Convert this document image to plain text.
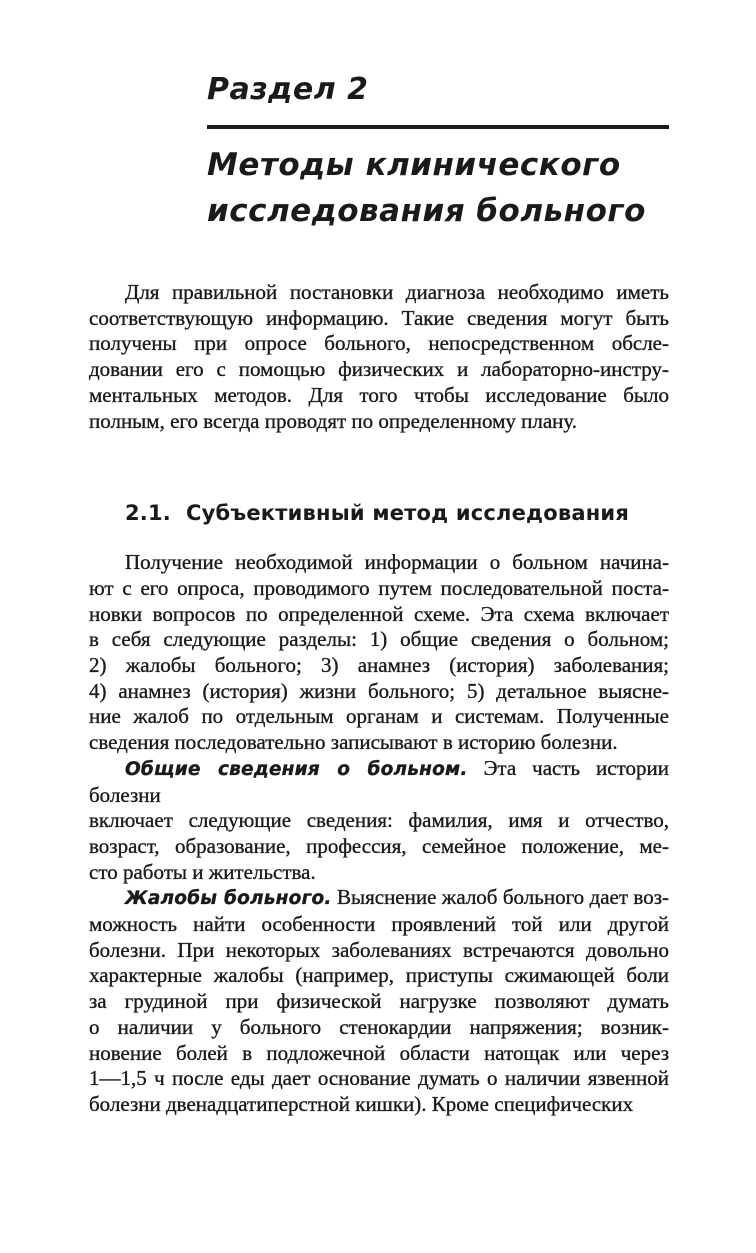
Раздел 2
Методы клинического
исследования больного
Для правильной постановки диагноза необходимо иметь
соответствующую информацию. Такие сведения могут быть
получены при опросе больного, непосредственном обсле-
довании его с помощью физических и лабораторно-инстру-
ментальных методов. Для того чтобы исследование было
полным, его всегда проводят по определенному плану.
2.1.  Субъективный метод исследования
Получение необходимой информации о больном начина-
ют с его опроса, проводимого путем последовательной поста-
новки вопросов по определенной схеме. Эта схема включает
в себя следующие разделы: 1) общие сведения о больном;
2) жалобы больного; 3) анамнез (история) заболевания;
4) анамнез (история) жизни больного; 5) детальное выясне-
ние жалоб по отдельным органам и системам. Полученные
сведения последовательно записывают в историю болезни.
Общие сведения о больном. Эта часть истории болезни
включает следующие сведения: фамилия, имя и отчество,
возраст, образование, профессия, семейное положение, ме-
сто работы и жительства.
Жалобы больного. Выяснение жалоб больного дает воз-
можность найти особенности проявлений той или другой
болезни. При некоторых заболеваниях встречаются довольно
характерные жалобы (например, приступы сжимающей боли
за грудиной при физической нагрузке позволяют думать
о наличии у больного стенокардии напряжения; возник-
новение болей в подложечной области натощак или через
1—1,5 ч после еды дает основание думать о наличии язвенной
болезни двенадцатиперстной кишки). Кроме специфических
